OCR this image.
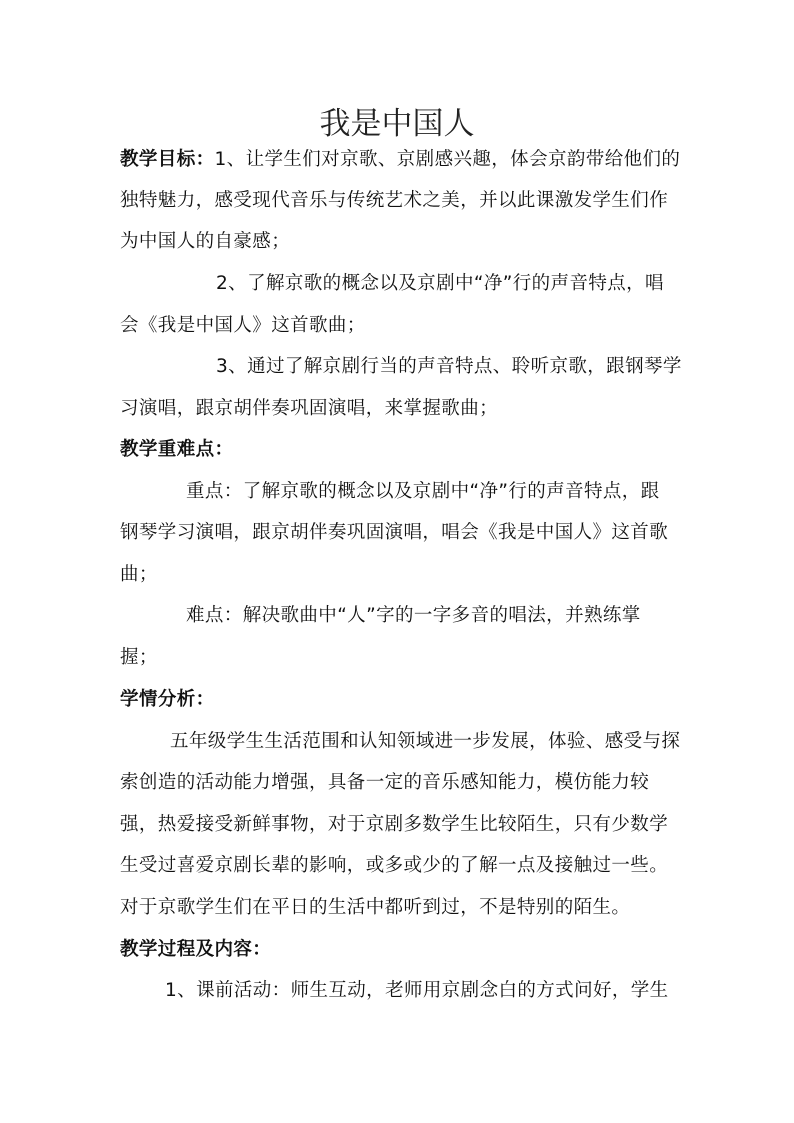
我是中国人
教学目标：1、让学生们对京歌、京剧感兴趣，体会京韵带给他们的
独特魅力，感受现代音乐与传统艺术之美，并以此课激发学生们作
为中国人的自豪感；
2、了解京歌的概念以及京剧中“净”行的声音特点，唱
会《我是中国人》这首歌曲；
3、通过了解京剧行当的声音特点、聆听京歌，跟钢琴学
习演唱，跟京胡伴奏巩固演唱，来掌握歌曲；
教学重难点：
重点：了解京歌的概念以及京剧中“净”行的声音特点，跟
钢琴学习演唱，跟京胡伴奏巩固演唱，唱会《我是中国人》这首歌
曲；
难点：解决歌曲中“人”字的一字多音的唱法，并熟练掌
握；
学情分析：
五年级学生生活范围和认知领域进一步发展，体验、感受与探
索创造的活动能力增强，具备一定的音乐感知能力，模仿能力较
强，热爱接受新鲜事物，对于京剧多数学生比较陌生，只有少数学
生受过喜爱京剧长辈的影响，或多或少的了解一点及接触过一些。
对于京歌学生们在平日的生活中都听到过，不是特别的陌生。
教学过程及内容：
1、课前活动：师生互动，老师用京剧念白的方式问好，学生
